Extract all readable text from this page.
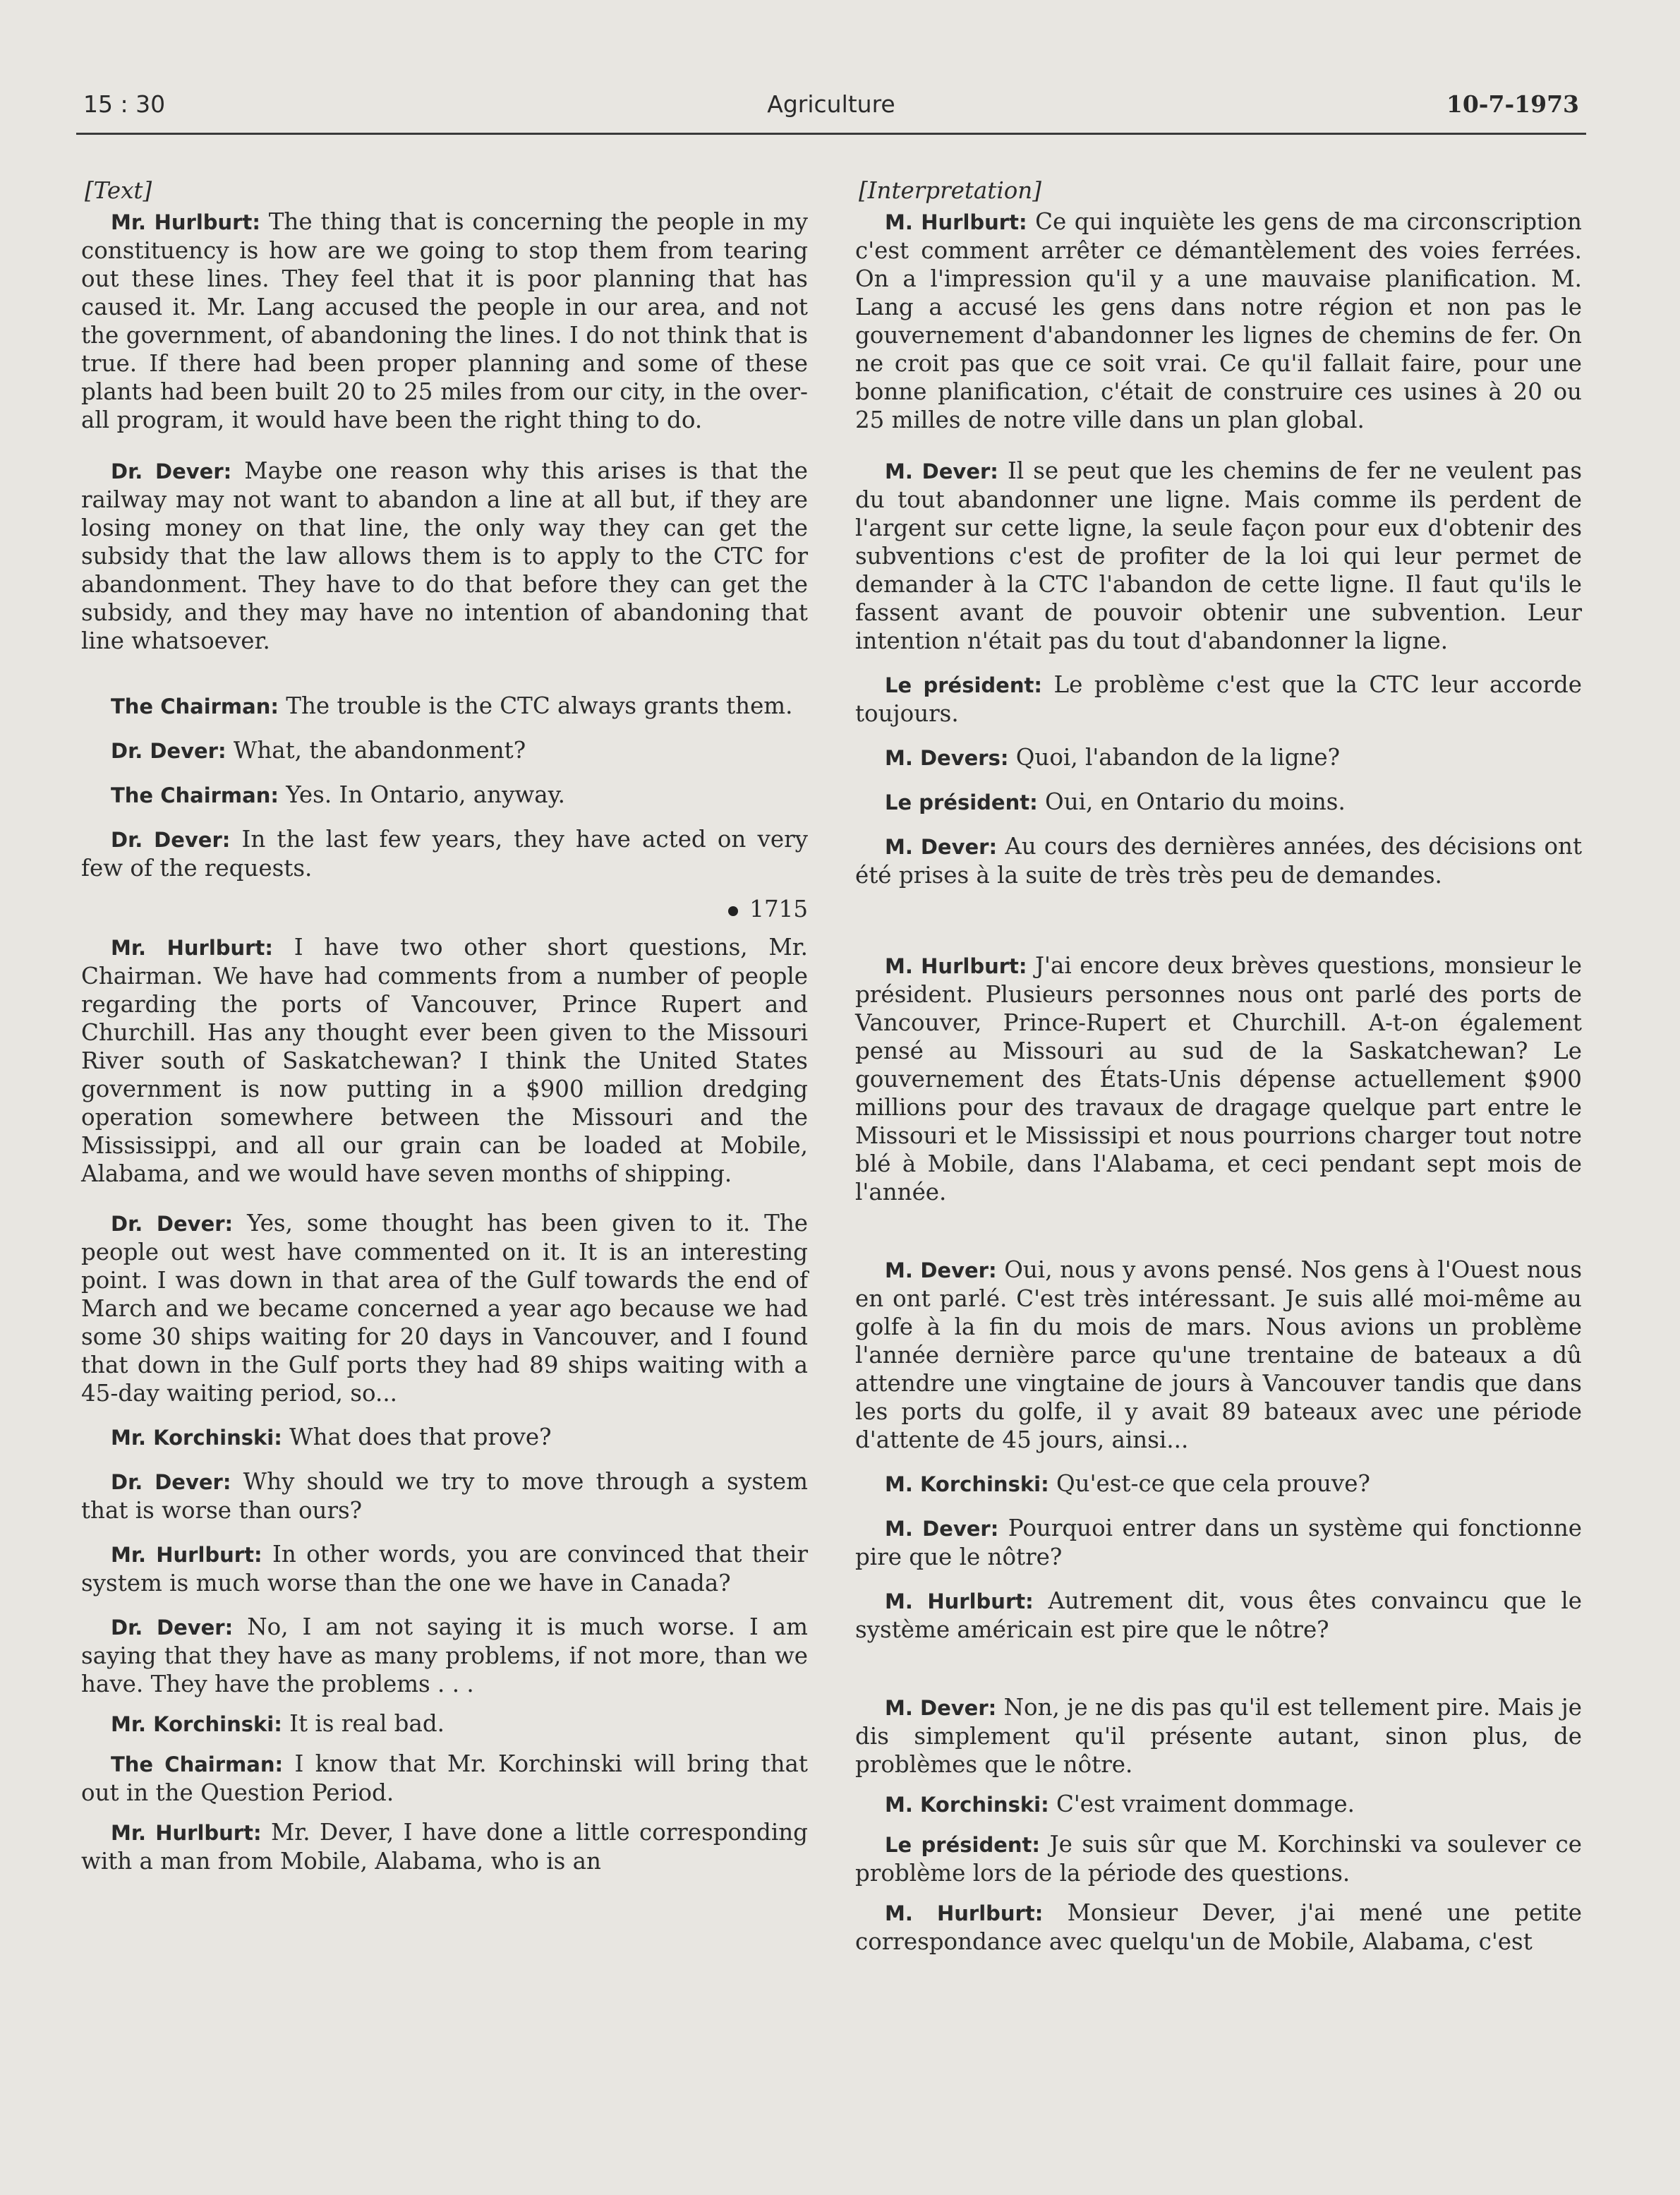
15 : 30	Agriculture	10-7-1973

[Text]

Mr. Hurlburt: The thing that is concerning the people in my constituency is how are we going to stop them from tearing out these lines. They feel that it is poor planning that has caused it. Mr. Lang accused the people in our area, and not the government, of abandoning the lines. I do not think that is true. If there had been proper planning and some of these plants had been built 20 to 25 miles from our city, in the over-all program, it would have been the right thing to do.

Dr. Dever: Maybe one reason why this arises is that the railway may not want to abandon a line at all but, if they are losing money on that line, the only way they can get the subsidy that the law allows them is to apply to the CTC for abandonment. They have to do that before they can get the subsidy, and they may have no intention of abandoning that line whatsoever.

The Chairman: The trouble is the CTC always grants them.

Dr. Dever: What, the abandonment?

The Chairman: Yes. In Ontario, anyway.

Dr. Dever: In the last few years, they have acted on very few of the requests.

1715

Mr. Hurlburt: I have two other short questions, Mr. Chairman. We have had comments from a number of people regarding the ports of Vancouver, Prince Rupert and Churchill. Has any thought ever been given to the Missouri River south of Saskatchewan? I think the United States government is now putting in a $900 million dredging operation somewhere between the Missouri and the Mississippi, and all our grain can be loaded at Mobile, Alabama, and we would have seven months of shipping.

Dr. Dever: Yes, some thought has been given to it. The people out west have commented on it. It is an interesting point. I was down in that area of the Gulf towards the end of March and we became concerned a year ago because we had some 30 ships waiting for 20 days in Vancouver, and I found that down in the Gulf ports they had 89 ships waiting with a 45-day waiting period, so...

Mr. Korchinski: What does that prove?

Dr. Dever: Why should we try to move through a system that is worse than ours?

Mr. Hurlburt: In other words, you are convinced that their system is much worse than the one we have in Canada?

Dr. Dever: No, I am not saying it is much worse. I am saying that they have as many problems, if not more, than we have. They have the problems . . .

Mr. Korchinski: It is real bad.

The Chairman: I know that Mr. Korchinski will bring that out in the Question Period.

Mr. Hurlburt: Mr. Dever, I have done a little corresponding with a man from Mobile, Alabama, who is an

[Interpretation]

M. Hurlburt: Ce qui inquiète les gens de ma circonscription c'est comment arrêter ce démantèlement des voies ferrées. On a l'impression qu'il y a une mauvaise planification. M. Lang a accusé les gens dans notre région et non pas le gouvernement d'abandonner les lignes de chemins de fer. On ne croit pas que ce soit vrai. Ce qu'il fallait faire, pour une bonne planification, c'était de construire ces usines à 20 ou 25 milles de notre ville dans un plan global.

M. Dever: Il se peut que les chemins de fer ne veulent pas du tout abandonner une ligne. Mais comme ils perdent de l'argent sur cette ligne, la seule façon pour eux d'obtenir des subventions c'est de profiter de la loi qui leur permet de demander à la CTC l'abandon de cette ligne. Il faut qu'ils le fassent avant de pouvoir obtenir une subvention. Leur intention n'était pas du tout d'abandonner la ligne.

Le président: Le problème c'est que la CTC leur accorde toujours.

M. Devers: Quoi, l'abandon de la ligne?

Le président: Oui, en Ontario du moins.

M. Dever: Au cours des dernières années, des décisions ont été prises à la suite de très très peu de demandes.

M. Hurlburt: J'ai encore deux brèves questions, monsieur le président. Plusieurs personnes nous ont parlé des ports de Vancouver, Prince-Rupert et Churchill. A-t-on également pensé au Missouri au sud de la Saskatchewan? Le gouvernement des États-Unis dépense actuellement $900 millions pour des travaux de dragage quelque part entre le Missouri et le Mississipi et nous pourrions charger tout notre blé à Mobile, dans l'Alabama, et ceci pendant sept mois de l'année.

M. Dever: Oui, nous y avons pensé. Nos gens à l'Ouest nous en ont parlé. C'est très intéressant. Je suis allé moi-même au golfe à la fin du mois de mars. Nous avions un problème l'année dernière parce qu'une trentaine de bateaux a dû attendre une vingtaine de jours à Vancouver tandis que dans les ports du golfe, il y avait 89 bateaux avec une période d'attente de 45 jours, ainsi...

M. Korchinski: Qu'est-ce que cela prouve?

M. Dever: Pourquoi entrer dans un système qui fonctionne pire que le nôtre?

M. Hurlburt: Autrement dit, vous êtes convaincu que le système américain est pire que le nôtre?

M. Dever: Non, je ne dis pas qu'il est tellement pire. Mais je dis simplement qu'il présente autant, sinon plus, de problèmes que le nôtre.

M. Korchinski: C'est vraiment dommage.

Le président: Je suis sûr que M. Korchinski va soulever ce problème lors de la période des questions.

M. Hurlburt: Monsieur Dever, j'ai mené une petite correspondance avec quelqu'un de Mobile, Alabama, c'est
